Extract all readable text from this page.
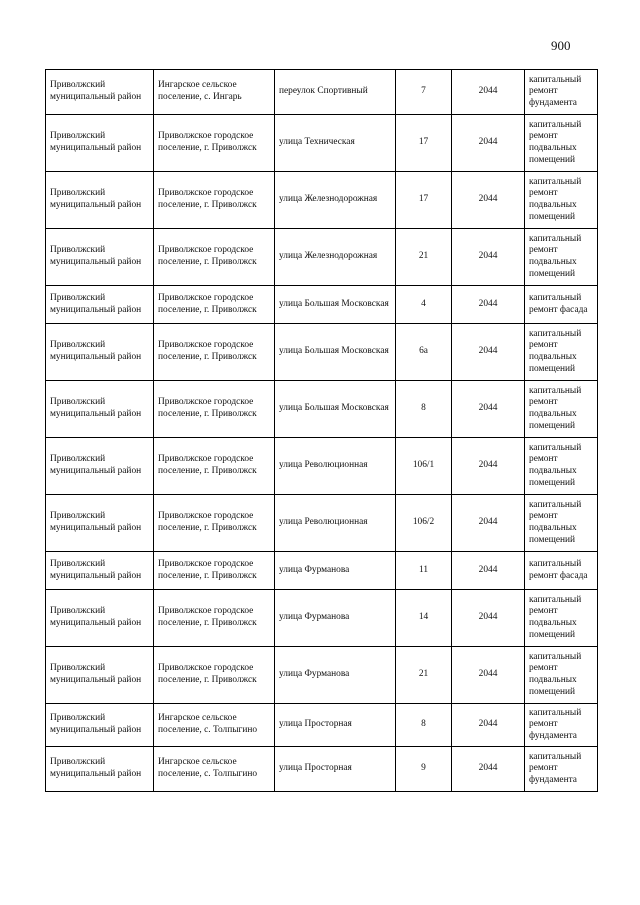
900
Приволжский муниципальный район	Ингарское сельское поселение, с. Ингарь	переулок Спортивный	7	2044	капитальный ремонт фундамента
Приволжский муниципальный район	Приволжское городское поселение, г. Приволжск	улица Техническая	17	2044	капитальный ремонт подвальных помещений
Приволжский муниципальный район	Приволжское городское поселение, г. Приволжск	улица Железнодорожная	17	2044	капитальный ремонт подвальных помещений
Приволжский муниципальный район	Приволжское городское поселение, г. Приволжск	улица Железнодорожная	21	2044	капитальный ремонт подвальных помещений
Приволжский муниципальный район	Приволжское городское поселение, г. Приволжск	улица Большая Московская	4	2044	капитальный ремонт фасада
Приволжский муниципальный район	Приволжское городское поселение, г. Приволжск	улица Большая Московская	6а	2044	капитальный ремонт подвальных помещений
Приволжский муниципальный район	Приволжское городское поселение, г. Приволжск	улица Большая Московская	8	2044	капитальный ремонт подвальных помещений
Приволжский муниципальный район	Приволжское городское поселение, г. Приволжск	улица Революционная	106/1	2044	капитальный ремонт подвальных помещений
Приволжский муниципальный район	Приволжское городское поселение, г. Приволжск	улица Революционная	106/2	2044	капитальный ремонт подвальных помещений
Приволжский муниципальный район	Приволжское городское поселение, г. Приволжск	улица Фурманова	11	2044	капитальный ремонт фасада
Приволжский муниципальный район	Приволжское городское поселение, г. Приволжск	улица Фурманова	14	2044	капитальный ремонт подвальных помещений
Приволжский муниципальный район	Приволжское городское поселение, г. Приволжск	улица Фурманова	21	2044	капитальный ремонт подвальных помещений
Приволжский муниципальный район	Ингарское сельское поселение, с. Толпыгино	улица Просторная	8	2044	капитальный ремонт фундамента
Приволжский муниципальный район	Ингарское сельское поселение, с. Толпыгино	улица Просторная	9	2044	капитальный ремонт фундамента
